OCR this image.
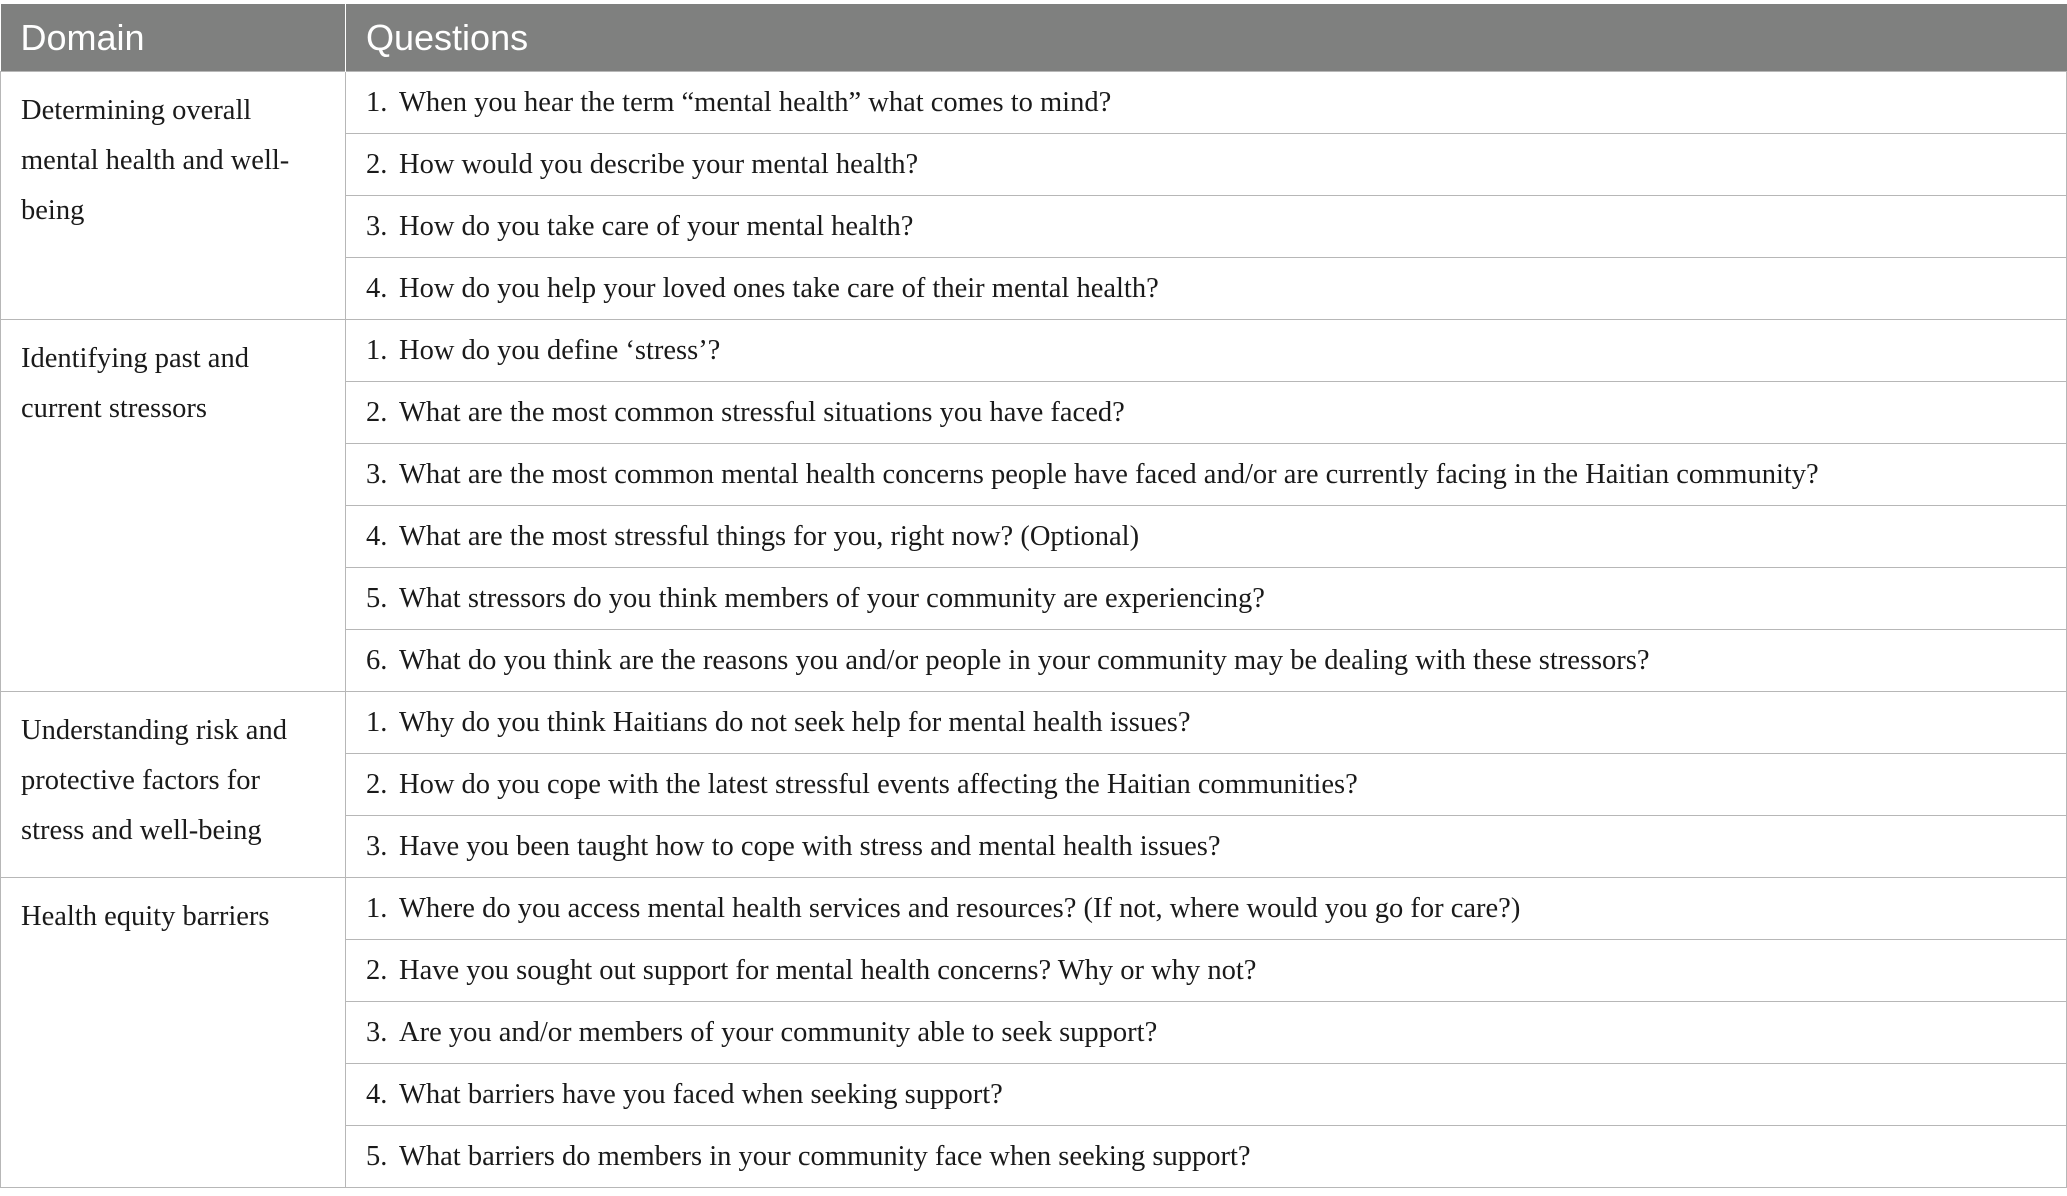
Domain	Questions
Determining overall mental health and well-being	1. When you hear the term “mental health” what comes to mind?
	2. How would you describe your mental health?
	3. How do you take care of your mental health?
	4. How do you help your loved ones take care of their mental health?
Identifying past and current stressors	1. How do you define ‘stress’?
	2. What are the most common stressful situations you have faced?
	3. What are the most common mental health concerns people have faced and/or are currently facing in the Haitian community?
	4. What are the most stressful things for you, right now? (Optional)
	5. What stressors do you think members of your community are experiencing?
	6. What do you think are the reasons you and/or people in your community may be dealing with these stressors?
Understanding risk and protective factors for stress and well-being	1. Why do you think Haitians do not seek help for mental health issues?
	2. How do you cope with the latest stressful events affecting the Haitian communities?
	3. Have you been taught how to cope with stress and mental health issues?
Health equity barriers	1. Where do you access mental health services and resources? (If not, where would you go for care?)
	2. Have you sought out support for mental health concerns? Why or why not?
	3. Are you and/or members of your community able to seek support?
	4. What barriers have you faced when seeking support?
	5. What barriers do members in your community face when seeking support?
